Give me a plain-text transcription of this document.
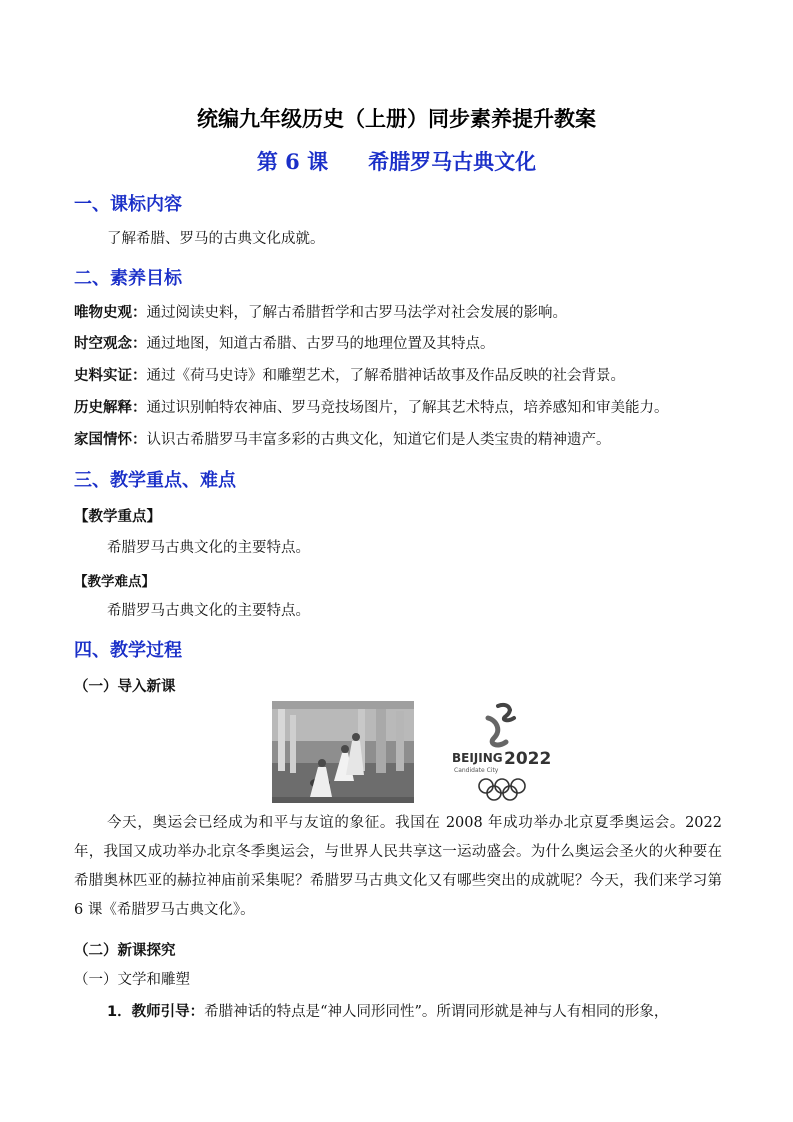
统编九年级历史（上册）同步素养提升教案
第 6 课 希腊罗马古典文化
一、课标内容
了解希腊、罗马的古典文化成就。
二、素养目标
唯物史观：通过阅读史料，了解古希腊哲学和古罗马法学对社会发展的影响。
时空观念：通过地图，知道古希腊、古罗马的地理位置及其特点。
史料实证：通过《荷马史诗》和雕塑艺术，了解希腊神话故事及作品反映的社会背景。
历史解释：通过识别帕特农神庙、罗马竞技场图片，了解其艺术特点，培养感知和审美能力。
家国情怀：认识古希腊罗马丰富多彩的古典文化，知道它们是人类宝贵的精神遗产。
三、教学重点、难点
【教学重点】
希腊罗马古典文化的主要特点。
【教学难点】
希腊罗马古典文化的主要特点。
四、教学过程
（一）导入新课
BEIJING 2022
Candidate City
今天，奥运会已经成为和平与友谊的象征。我国在 2008 年成功举办北京夏季奥运会。2022 年，我国又成功举办北京冬季奥运会，与世界人民共享这一运动盛会。为什么奥运会圣火的火种要在希腊奥林匹亚的赫拉神庙前采集呢？希腊罗马古典文化又有哪些突出的成就呢？今天，我们来学习第 6 课《希腊罗马古典文化》。
（二）新课探究
（一）文学和雕塑
1．教师引导：希腊神话的特点是“神人同形同性”。所谓同形就是神与人有相同的形象，
